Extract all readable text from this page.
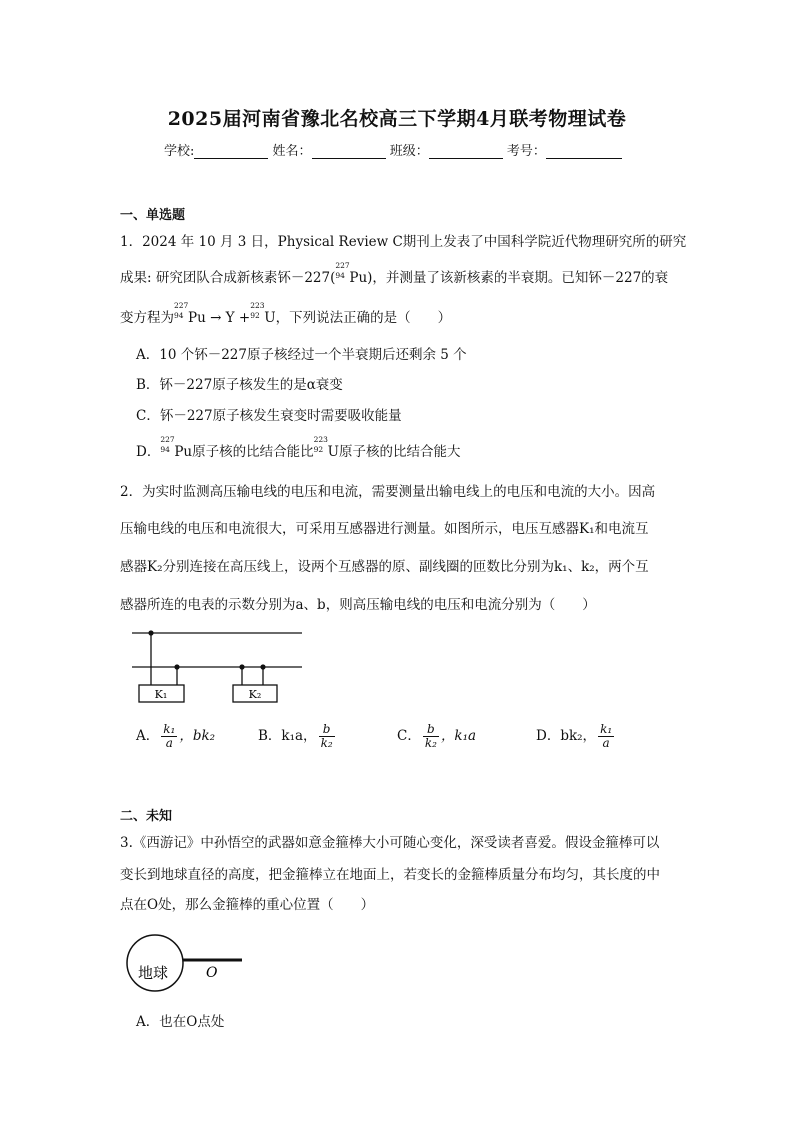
2025届河南省豫北名校高三下学期4月联考物理试卷
学校:	姓名：	班级：	考号：
一、单选题
1．2024 年 10 月 3 日，Physical Review C期刊上发表了中国科学院近代物理研究所的研究
成果: 研究团队合成新核素钚－227(
227
94 Pu)，并测量了该新核素的半衰期。已知钚－227的衰
变方程为
227
94 Pu → Y +
223
92 U，下列说法正确的是（　　）
A．10 个钚－227原子核经过一个半衰期后还剩余 5 个
B．钚－227原子核发生的是α衰变
C．钚－227原子核发生衰变时需要吸收能量
D．
227
94 Pu原子核的比结合能比
223
92 U原子核的比结合能大
2．为实时监测高压输电线的电压和电流，需要测量出输电线上的电压和电流的大小。因高
压输电线的电压和电流很大，可采用互感器进行测量。如图所示，电压互感器K₁和电流互
感器K₂分别连接在高压线上，设两个互感器的原、副线圈的匝数比分别为k₁、k₂，两个互
感器所连的电表的示数分别为a、b，则高压输电线的电压和电流分别为（　　）
K₁	K₂
A． $\frac{\text{k₁}}{a}$ ，bk₂	B．k₁a， $\frac{b}{\text{k₂}}$	C． $\frac{b}{\text{k₂}}$ ，k₁a	D．bk₂， $\frac{\text{k₁}}{a}$
二、未知
3.《西游记》中孙悟空的武器如意金箍棒大小可随心变化，深受读者喜爱。假设金箍棒可以
变长到地球直径的高度，把金箍棒立在地面上，若变长的金箍棒质量分布均匀，其长度的中
点在O处，那么金箍棒的重心位置（　　）
地球	O
A．也在O点处
